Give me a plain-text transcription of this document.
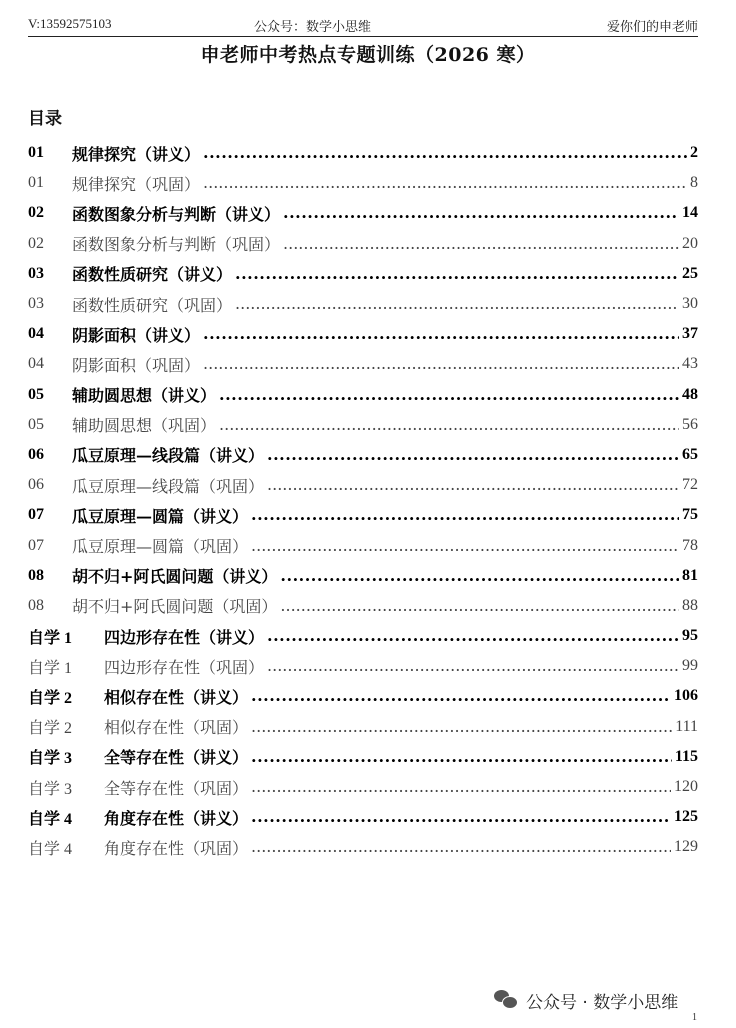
V:13592575103	公众号：数学小思维	爱你们的申老师
申老师中考热点专题训练（2026 寒）
目录
01	规律探究（讲义） .....	2
01	规律探究（巩固） .....	8
02	函数图象分析与判断（讲义） .....	14
02	函数图象分析与判断（巩固） .....	20
03	函数性质研究（讲义） .....	25
03	函数性质研究（巩固） .....	30
04	阴影面积（讲义） .....	37
04	阴影面积（巩固） .....	43
05	辅助圆思想（讲义） .....	48
05	辅助圆思想（巩固） .....	56
06	瓜豆原理—线段篇（讲义） .....	65
06	瓜豆原理—线段篇（巩固） .....	72
07	瓜豆原理—圆篇（讲义） .....	75
07	瓜豆原理—圆篇（巩固） .....	78
08	胡不归+阿氏圆问题（讲义） .....	81
08	胡不归+阿氏圆问题（巩固） .....	88
自学 1	四边形存在性（讲义） .....	95
自学 1	四边形存在性（巩固） .....	99
自学 2	相似存在性（讲义） .....	106
自学 2	相似存在性（巩固） .....	111
自学 3	全等存在性（讲义） .....	115
自学 3	全等存在性（巩固） .....	120
自学 4	角度存在性（讲义） .....	125
自学 4	角度存在性（巩固） .....	129
公众号 · 数学小思维
1
